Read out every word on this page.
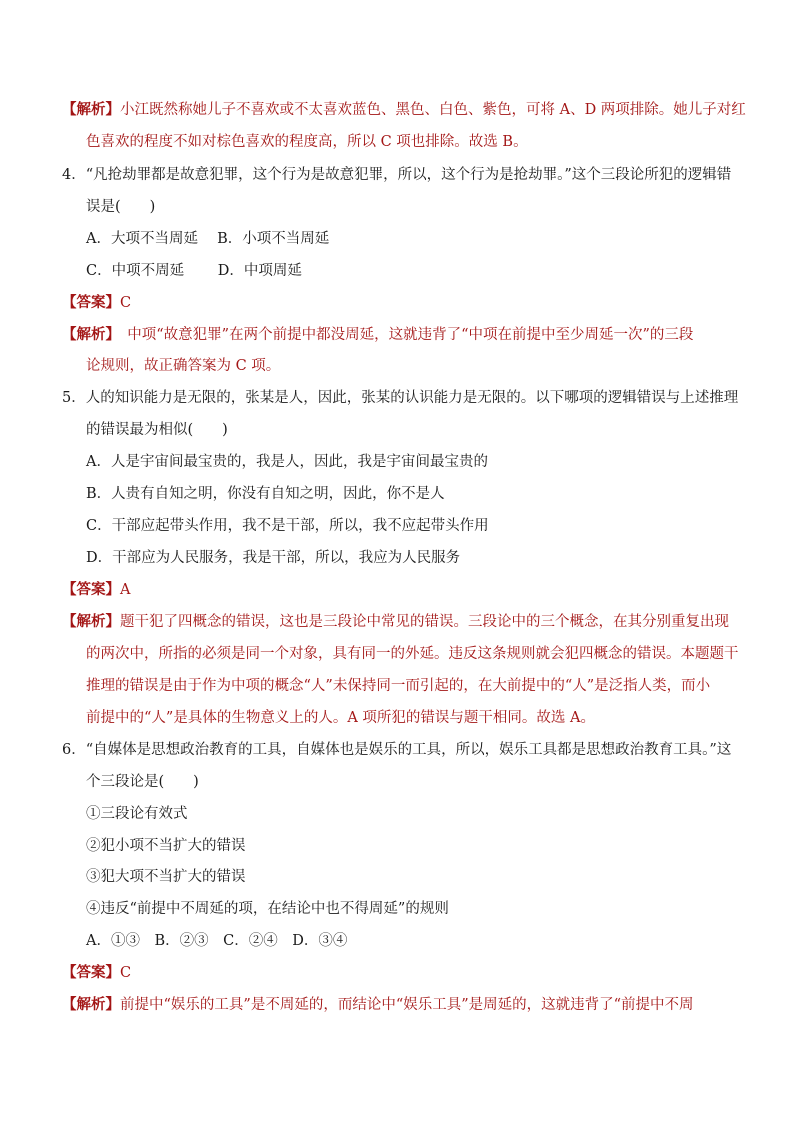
【解析】小江既然称她儿子不喜欢或不太喜欢蓝色、黑色、白色、紫色，可将 A、D 两项排除。她儿子对红
色喜欢的程度不如对棕色喜欢的程度高，所以 C 项也排除。故选 B。
4．“凡抢劫罪都是故意犯罪，这个行为是故意犯罪，所以，这个行为是抢劫罪。”这个三段论所犯的逻辑错
误是(　　)
A．大项不当周延　 B．小项不当周延
C．中项不周延　　 D．中项周延
【答案】C
【解析】　中项“故意犯罪”在两个前提中都没周延，这就违背了“中项在前提中至少周延一次”的三段
论规则，故正确答案为 C 项。
5．人的知识能力是无限的，张某是人，因此，张某的认识能力是无限的。以下哪项的逻辑错误与上述推理
的错误最为相似(　　)
A．人是宇宙间最宝贵的，我是人，因此，我是宇宙间最宝贵的
B．人贵有自知之明，你没有自知之明，因此，你不是人
C．干部应起带头作用，我不是干部，所以，我不应起带头作用
D．干部应为人民服务，我是干部，所以，我应为人民服务
【答案】A
【解析】题干犯了四概念的错误，这也是三段论中常见的错误。三段论中的三个概念，在其分别重复出现
的两次中，所指的必须是同一个对象，具有同一的外延。违反这条规则就会犯四概念的错误。本题题干
推理的错误是由于作为中项的概念“人”未保持同一而引起的，在大前提中的“人”是泛指人类，而小
前提中的“人”是具体的生物意义上的人。A 项所犯的错误与题干相同。故选 A。
6．“自媒体是思想政治教育的工具，自媒体也是娱乐的工具，所以，娱乐工具都是思想政治教育工具。”这
个三段论是(　　)
①三段论有效式
②犯小项不当扩大的错误
③犯大项不当扩大的错误
④违反“前提中不周延的项，在结论中也不得周延”的规则
A．①③　B．②③　C．②④　D．③④
【答案】C
【解析】前提中“娱乐的工具”是不周延的，而结论中“娱乐工具”是周延的，这就违背了“前提中不周
